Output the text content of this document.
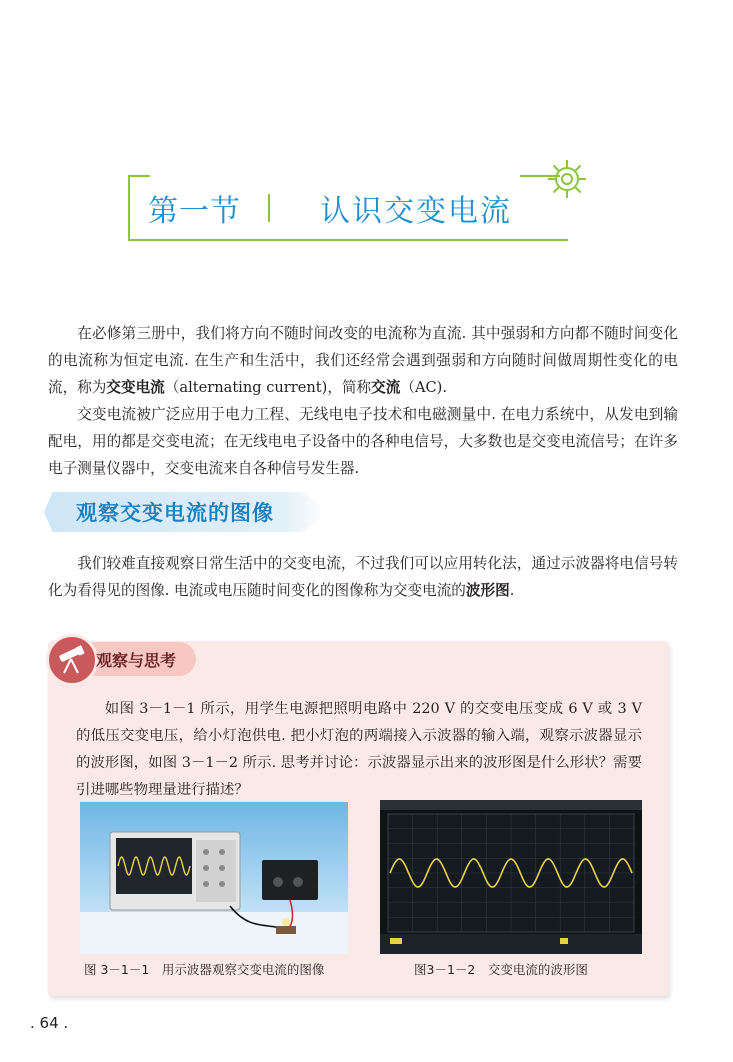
第一节	认识交变电流

在必修第三册中，我们将方向不随时间改变的电流称为直流. 其中强弱和方向都不随时间变化的电流称为恒定电流. 在生产和生活中，我们还经常会遇到强弱和方向随时间做周期性变化的电流，称为交变电流（alternating current)，简称交流（AC).

交变电流被广泛应用于电力工程、无线电电子技术和电磁测量中. 在电力系统中，从发电到输配电，用的都是交变电流；在无线电电子设备中的各种电信号，大多数也是交变电流信号；在许多电子测量仪器中，交变电流来自各种信号发生器.

观察交变电流的图像

我们较难直接观察日常生活中的交变电流，不过我们可以应用转化法，通过示波器将电信号转化为看得见的图像. 电流或电压随时间变化的图像称为交变电流的波形图.

观察与思考

如图 3－1－1 所示，用学生电源把照明电路中 220 V 的交变电压变成 6 V 或 3 V的低压交变电压，给小灯泡供电. 把小灯泡的两端接入示波器的输入端，观察示波器显示的波形图，如图 3－1－2 所示. 思考并讨论：示波器显示出来的波形图是什么形状？需要引进哪些物理量进行描述？

图 3－1－1　用示波器观察交变电流的图像	图3－1－2　交变电流的波形图
. 64 .
